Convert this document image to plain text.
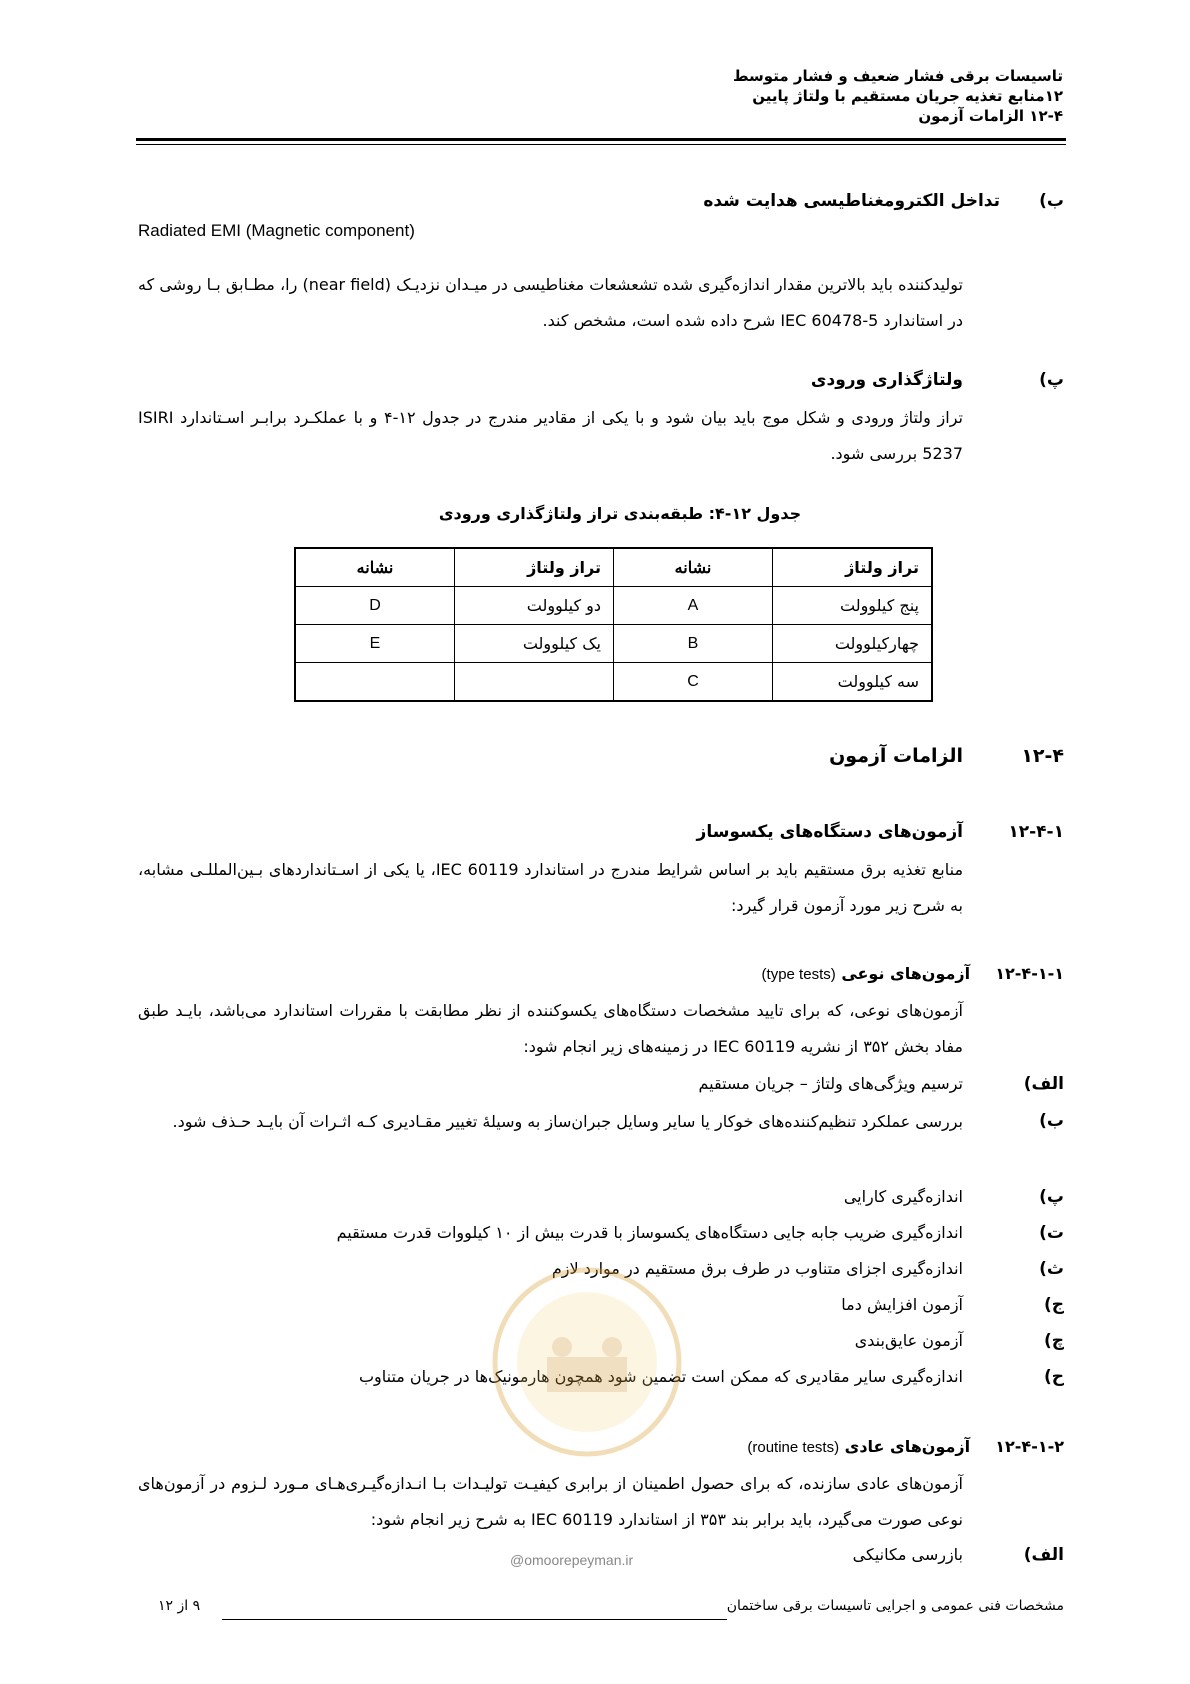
تاسیسات برقی فشار ضعیف و فشار متوسط
۱۲منابع تغذیه جریان مستقیم با ولتاژ پایین
۱۲-۴ الزامات آزمون
ب)
تداخل الکترومغناطیسی هدایت شده
Radiated EMI (Magnetic component)
تولیدکننده باید بالاترین مقدار اندازه‌گیری شده تشعشعات مغناطیسی در میـدان نزدیـک (near field) را، مطـابق بـا روشی که در استاندارد IEC 60478-5 شرح داده شده است، مشخص کند.
پ)
ولتاژگذاری ورودی
تراز ولتاژ ورودی و شکل موج باید بیان شود و با یکی از مقادیر مندرج در جدول ۱۲-۴ و با عملکـرد برابـر اسـتاندارد ISIRI 5237 بررسی شود.
جدول ۱۲-۴: طبقه‌بندی تراز ولتاژگذاری ورودی
تراز ولتاژ	نشانه	تراز ولتاژ	نشانه
پنج کیلوولت	A	دو کیلوولت	D
چهارکیلوولت	B	یک کیلوولت	E
سه کیلوولت	C		
۱۲-۴
الزامات آزمون
۱۲-۴-۱
آزمون‌های دستگاه‌های یکسوساز
منابع تغذیه برق مستقیم باید بر اساس شرایط مندرج در استاندارد IEC 60119، یا یکی از اسـتانداردهای بـین‌المللـی مشابه، به شرح زیر مورد آزمون قرار گیرد:
۱۲-۴-۱-۱  آزمون‌های نوعی (type tests)
آزمون‌های نوعی، که برای تایید مشخصات دستگاه‌های یکسوکننده از نظر مطابقت با مقررات استاندارد می‌باشد، بایـد طبق مفاد بخش ۳۵۲ از نشریه IEC 60119 در زمینه‌های زیر انجام شود:
الف)
ترسیم ویژگی‌های ولتاژ – جریان مستقیم
ب)
بررسی عملکرد تنظیم‌کننده‌های خوکار یا سایر وسایل جبران‌ساز به وسیلهٔ تغییر مقـادیری کـه اثـرات آن بایـد حـذف شود.
پ)
اندازه‌گیری کارایی
ت)
اندازه‌گیری ضریب جابه جایی دستگاه‌های یکسوساز با قدرت بیش از ۱۰ کیلووات قدرت مستقیم
ث)
اندازه‌گیری اجزای متناوب در طرف برق مستقیم در موارد لازم
ج)
آزمون افزایش دما
چ)
آزمون عایق‌بندی
ح)
اندازه‌گیری سایر مقادیری که ممکن است تضمین شود همچون هارمونیک‌ها در جریان متناوب
۱۲-۴-۱-۲  آزمون‌های عادی (routine tests)
آزمون‌های عادی سازنده، که برای حصول اطمینان از برابری کیفیـت تولیـدات بـا انـدازه‌گیـری‌هـای مـورد لـزوم در آزمون‌های نوعی صورت می‌گیرد، باید برابر بند ۳۵۳ از استاندارد IEC 60119 به شرح زیر انجام شود:
الف)
بازرسی مکانیکی
@omoorepeyman.ir
مشخصات فنی عمومی و اجرایی تاسیسات برقی ساختمان
۹ از ۱۲
